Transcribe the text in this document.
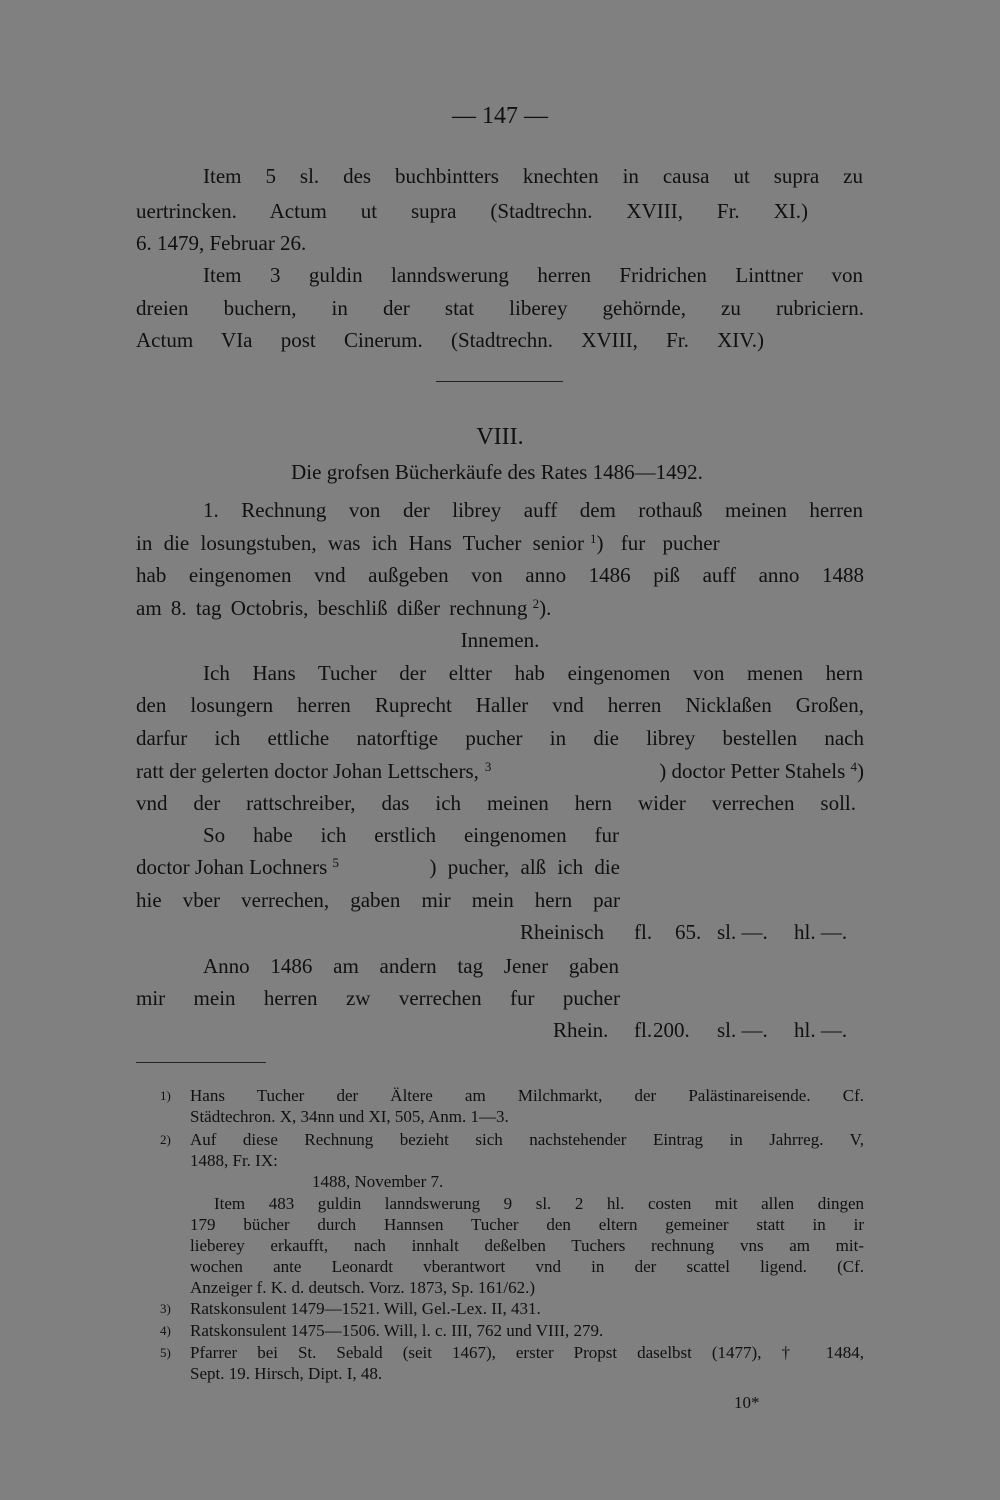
— 147 —
Item 5 sl. des buchbintters knechten in causa ut supra zu
uertrincken. Actum ut supra (Stadtrechn. XVIII, Fr. XI.)
6. 1479, Februar 26.
Item 3 guldin lanndswerung herren Fridrichen Linttner von
dreien buchern, in der stat liberey gehörnde, zu rubriciern.
Actum VIa post Cinerum. (Stadtrechn. XVIII, Fr. XIV.)
VIII.
Die grofsen Bücherkäufe des Rates 1486—1492.
1. Rechnung von der librey auff dem rothauß meinen herren
in die losungstuben, was ich Hans Tucher senior $^1$) fur pucher
hab eingenomen vnd außgeben von anno 1486 piß auff anno 1488
am 8. tag Octobris, beschliß dißer rechnung $^2$).
Innemen.
Ich Hans Tucher der eltter hab eingenomen von menen hern
den losungern herren Ruprecht Haller vnd herren Nicklaßen Großen,
darfur ich ettliche natorftige pucher in die librey bestellen nach
ratt der gelerten doctor Johan Lettschers, $^3$	) doctor Petter Stahels $^4$)
vnd der rattschreiber, das ich meinen hern wider verrechen soll.
So habe ich erstlich eingenomen fur
doctor Johan Lochners $^5$	) pucher, alß ich die
hie vber verrechen, gaben mir mein hern par
Rheinisch fl. 65. sl. —. hl. —.
Anno 1486 am andern tag Jener gaben
mir mein herren zw verrechen fur pucher
Rhein. fl. 200. sl. —. hl. —.
1) Hans Tucher der Ältere am Milchmarkt, der Palästinareisende. Cf.
Städtechron. X, 34nn und XI, 505, Anm. 1—3.
2) Auf diese Rechnung bezieht sich nachstehender Eintrag in Jahrreg. V,
1488, Fr. IX:
1488, November 7.
Item 483 guldin lanndswerung 9 sl. 2 hl. costen mit allen dingen
179 bücher durch Hannsen Tucher den eltern gemeiner statt in ir
lieberey erkaufft, nach innhalt deßelben Tuchers rechnung vns am mit-
wochen ante Leonardt vberantwort vnd in der scattel ligend. (Cf.
Anzeiger f. K. d. deutsch. Vorz. 1873, Sp. 161/62.)
3) Ratskonsulent 1479—1521. Will, Gel.-Lex. II, 431.
4) Ratskonsulent 1475—1506. Will, l. c. III, 762 und VIII, 279.
5) Pfarrer bei St. Sebald (seit 1467), erster Propst daselbst (1477), † 1484,
Sept. 19. Hirsch, Dipt. I, 48.
10*
